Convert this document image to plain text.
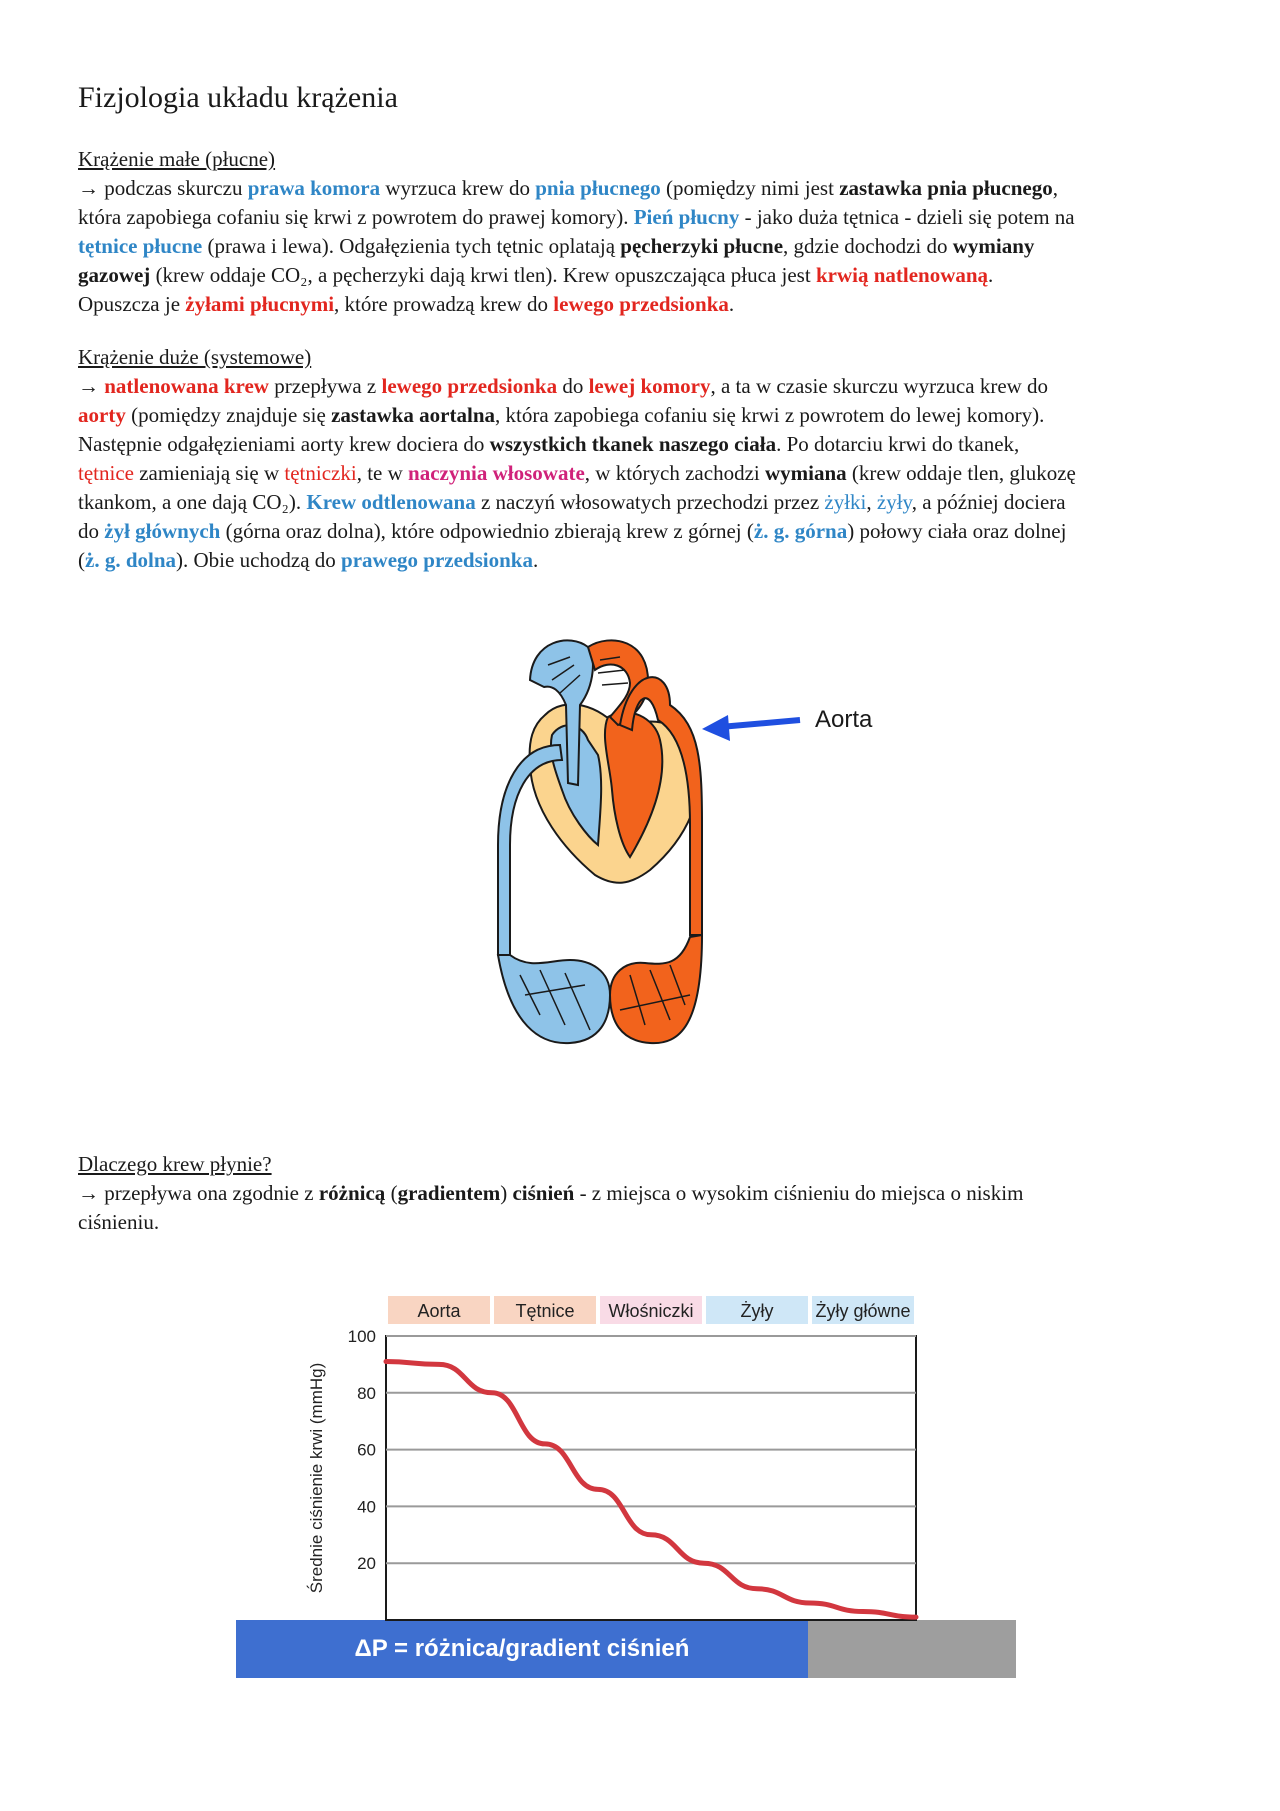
Fizjologia układu krążenia
Krążenie małe (płucne)

→ podczas skurczu prawa komora wyrzuca krew do pnia płucnego (pomiędzy nimi jest zastawka pnia płucnego,
która zapobiega cofaniu się krwi z powrotem do prawej komory). Pień płucny - jako duża tętnica - dzieli się potem na
tętnice płucne (prawa i lewa). Odgałęzienia tych tętnic oplatają pęcherzyki płucne, gdzie dochodzi do wymiany
gazowej (krew oddaje CO₂, a pęcherzyki dają krwi tlen). Krew opuszczająca płuca jest krwią natlenowaną.
Opuszcza je żyłami płucnymi, które prowadzą krew do lewego przedsionka.

Krążenie duże (systemowe)

→ natlenowana krew przepływa z lewego przedsionka do lewej komory, a ta w czasie skurczu wyrzuca krew do
aorty (pomiędzy znajduje się zastawka aortalna, która zapobiega cofaniu się krwi z powrotem do lewej komory).
Następnie odgałęzieniami aorty krew dociera do wszystkich tkanek naszego ciała. Po dotarciu krwi do tkanek,
tętnice zamieniają się w tętniczki, te w naczynia włosowate, w których zachodzi wymiana (krew oddaje tlen, glukozę
tkankom, a one dają CO₂). Krew odtlenowana z naczyń włosowatych przechodzi przez żyłki, żyły, a później dociera
do żył głównych (górna oraz dolna), które odpowiednio zbierają krew z górnej (ż. g. górna) połowy ciała oraz dolnej
(ż. g. dolna). Obie uchodzą do prawego przedsionka.

Aorta
Dlaczego krew płynie?

→ przepływa ona zgodnie z różnicą (gradientem) ciśnień - z miejsca o wysokim ciśnieniu do miejsca o niskim
ciśnieniu.

ΔP = różnica/gradient ciśnień
Aorta	Tętnice Włośniczki	Żyły Żyły główne
20
40
60
80
100
Średnie ciśnienie krwi (mmHg)
